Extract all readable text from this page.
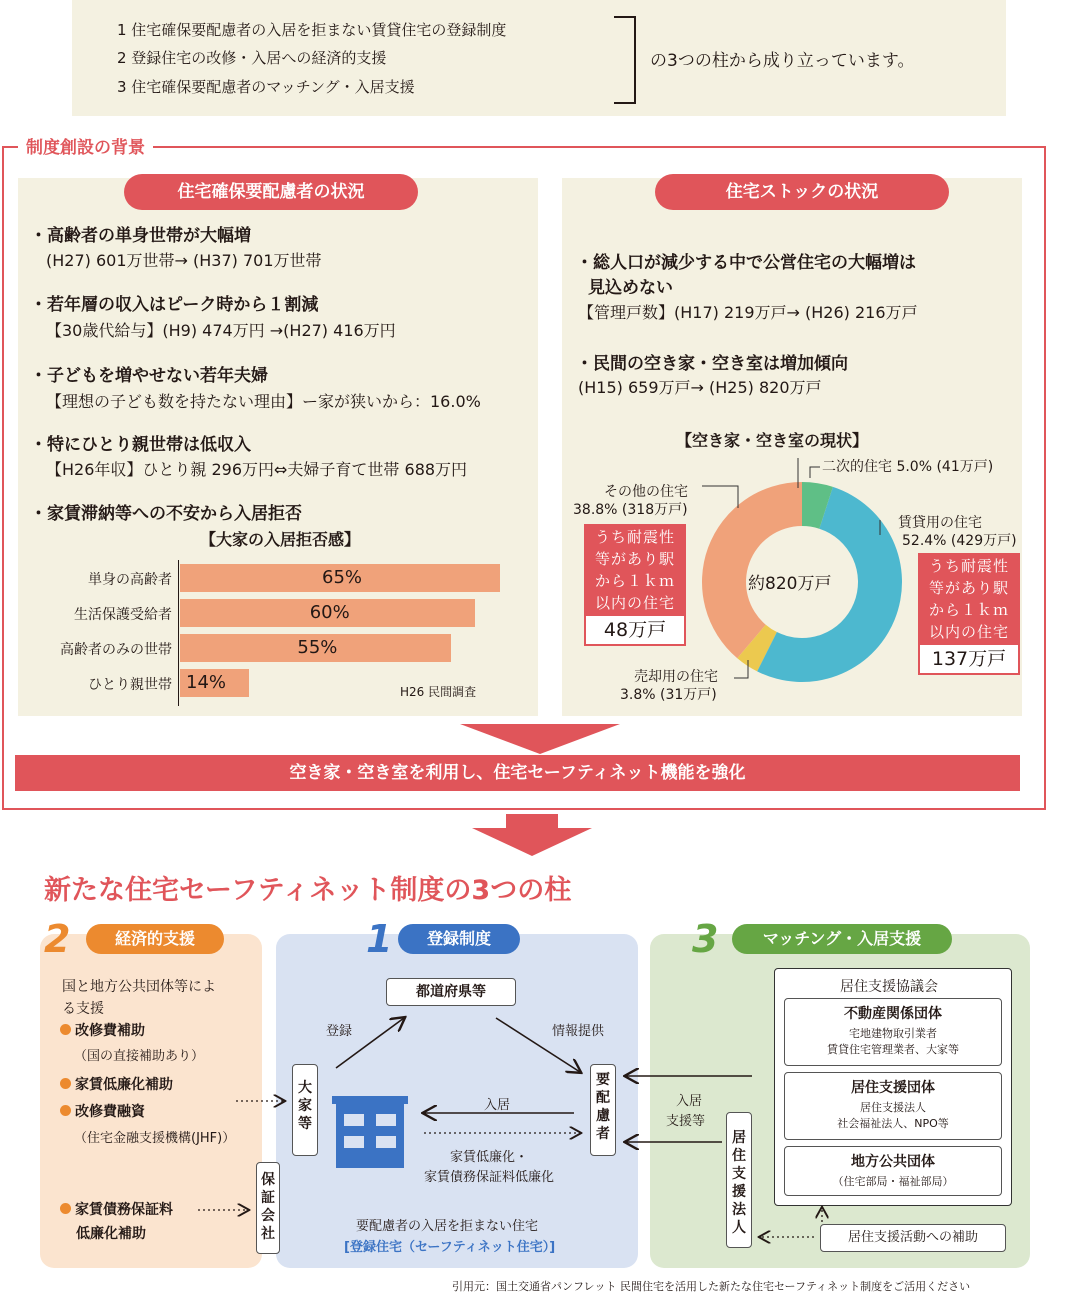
1 住宅確保要配慮者の入居を拒まない賃貸住宅の登録制度
2 登録住宅の改修・入居への経済的支援
3 住宅確保要配慮者のマッチング・入居支援
の3つの柱から成り立っています。
制度創設の背景
住宅確保要配慮者の状況
・高齢者の単身世帯が大幅増
(H27) 601万世帯→ (H37) 701万世帯
・若年層の収入はピーク時から１割減
【30歳代給与】(H9) 474万円 →(H27) 416万円
・子どもを増やせない若年夫婦
【理想の子ども数を持たない理由】ー家が狭いから：16.0%
・特にひとり親世帯は低収入
【H26年収】ひとり親 296万円⇔夫婦子育て世帯 688万円
・家賃滞納等への不安から入居拒否
【大家の入居拒否感】
単身の高齢者	65%
生活保護受給者	60%
高齢者のみの世帯	55%
ひとり親世帯 14%	H26 民間調査
住宅ストックの状況
・総人口が減少する中で公営住宅の大幅増は
見込めない
【管理戸数】(H17) 219万戸→ (H26) 216万戸
・民間の空き家・空き室は増加傾向
(H15) 659万戸→ (H25) 820万戸
【空き家・空き室の現状】
約820万戸
二次的住宅 5.0% (41万戸)
賃貸用の住宅
52.4% (429万戸)
その他の住宅
38.8% (318万戸)
売却用の住宅
3.8% (31万戸)
うち耐震性
等があり駅
から１ｋｍ
以内の住宅
48万戸
うち耐震性
等があり駅
から１ｋｍ
以内の住宅
137万戸
空き家・空き室を利用し、住宅セーフティネット機能を強化
新たな住宅セーフティネット制度の3つの柱
2	経済的支援
国と地方公共団体等によ
る支援
改修費補助
（国の直接補助あり）
家賃低廉化補助
改修費融資
（住宅金融支援機構(JHF)）
家賃債務保証料
低廉化補助
1	登録制度
都道府県等
登録	情報提供
大家等
要配慮者
入居
家賃低廉化・
家賃債務保証料低廉化
保証会社	要配慮者の入居を拒まない住宅
[登録住宅（セーフティネット住宅）]
3	マッチング・入居支援
居住支援協議会
不動産関係団体
宅地建物取引業者
賃貸住宅管理業者、大家等
居住支援団体
居住支援法人
社会福祉法人、NPO等
地方公共団体
（住宅部局・福祉部局）
入居
支援等
居住支援法人
居住支援活動への補助
引用元：国土交通省パンフレット 民間住宅を活用した新たな住宅セーフティネット制度をご活用ください
